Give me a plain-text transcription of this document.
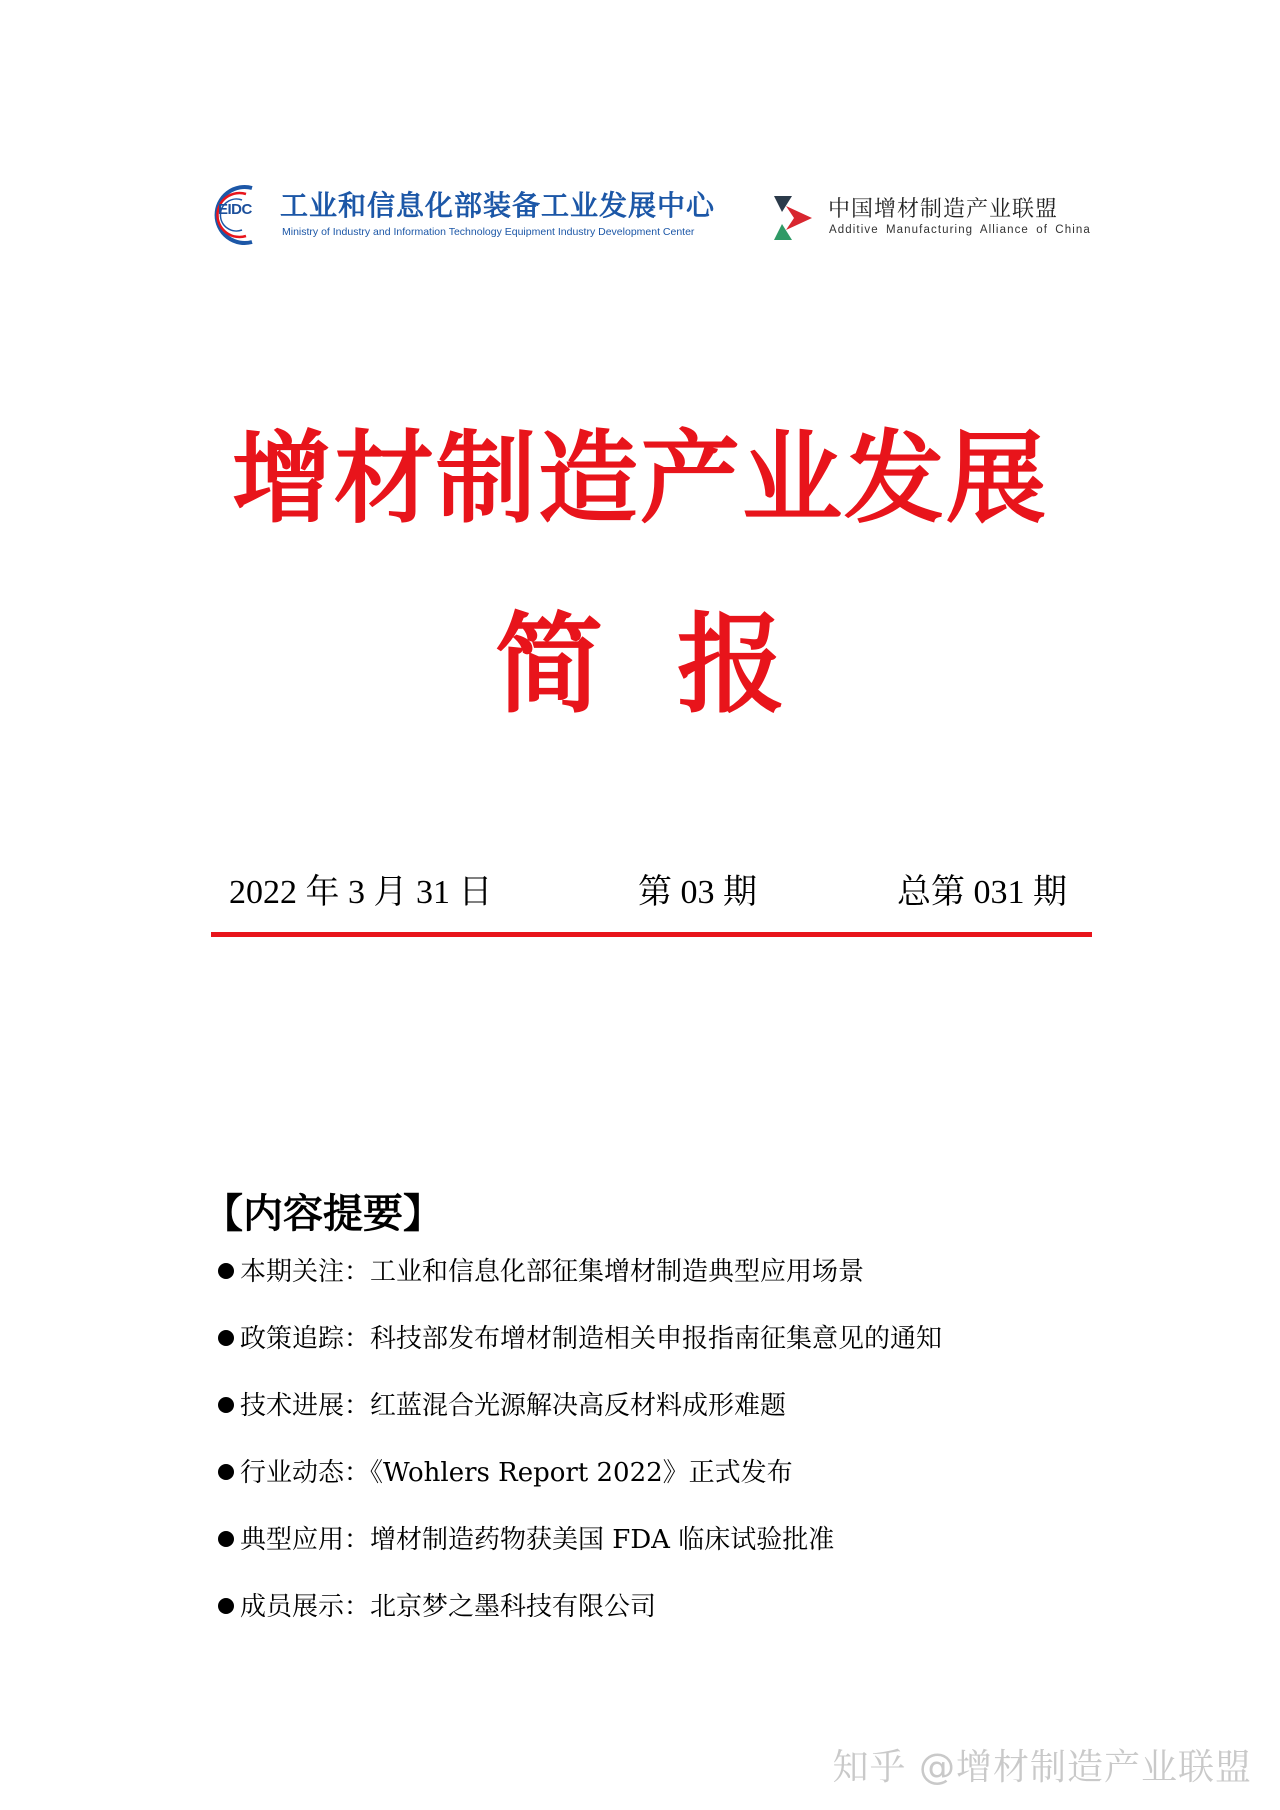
EIDC 工业和信息化部装备工业发展中心
Ministry of Industry and Information Technology Equipment Industry Development Center
中国增材制造产业联盟
Additive Manufacturing Alliance of China
增材制造产业发展
简报
2022 年 3 月 31 日	第 03 期	总第 031 期
【内容提要】
本期关注：工业和信息化部征集增材制造典型应用场景
政策追踪：科技部发布增材制造相关申报指南征集意见的通知
技术进展：红蓝混合光源解决高反材料成形难题
行业动态：《Wohlers Report 2022》正式发布
典型应用：增材制造药物获美国 FDA 临床试验批准
成员展示：北京梦之墨科技有限公司
知乎 @增材制造产业联盟
